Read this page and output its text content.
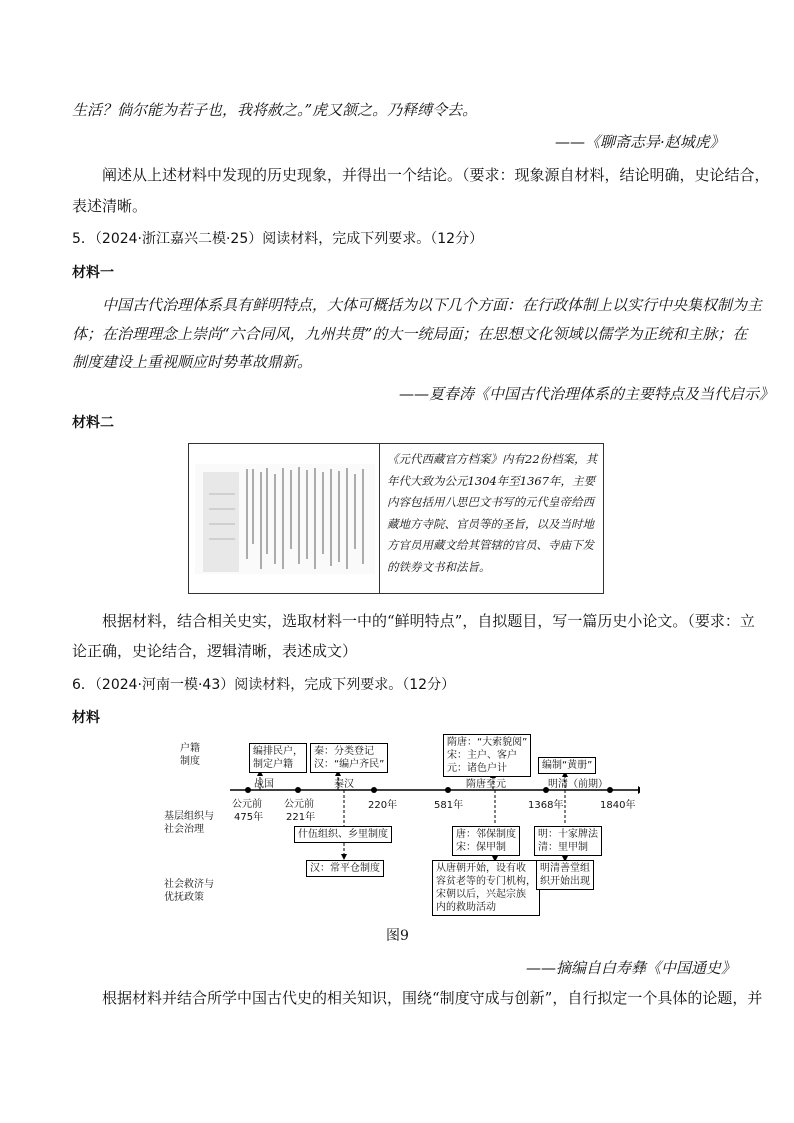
生活？倘尔能为若子也，我将赦之。”虎又颔之。乃释缚令去。
——《聊斋志异·赵城虎》
阐述从上述材料中发现的历史现象，并得出一个结论。（要求：现象源自材料，结论明确，史论结合，
表述清晰。
5．（2024·浙江嘉兴二模·25）阅读材料，完成下列要求。（12分）
材料一
中国古代治理体系具有鲜明特点，大体可概括为以下几个方面：在行政体制上以实行中央集权制为主
体；在治理理念上崇尚“六合同风，九州共贯”的大一统局面；在思想文化领域以儒学为正统和主脉；在
制度建设上重视顺应时势革故鼎新。
——夏春涛《中国古代治理体系的主要特点及当代启示》
材料二
《元代西藏官方档案》内有22份档案，其年代大致为公元1304年至1367年，主要内容包括用八思巴文书写的元代皇帝给西藏地方寺院、官员等的圣旨，以及当时地方官员用藏文给其管辖的官员、寺庙下发的铁券文书和法旨。
根据材料，结合相关史实，选取材料一中的“鲜明特点”，自拟题目，写一篇历史小论文。（要求：立
论正确，史论结合，逻辑清晰，表述成文）
6．（2024·河南一模·43）阅读材料，完成下列要求。（12分）
材料
户籍
制度
基层组织与
社会治理
社会救济与
优抚政策
编排民户，
制定户籍
秦：分类登记
汉：“编户齐民”
隋唐：“大索貌阅”
宋：主户、客户
元：诸色户计	编制“黄册”
战国	秦汉	隋唐至元	明清（前期）
公元前
475年
公元前
221年
220年	581年	1368年	1840年
什伍组织、乡里制度
汉：常平仓制度
唐：邻保制度
宋：保甲制
明：十家牌法
清：里甲制
从唐朝开始，设有收
容贫老等的专门机构，
宋朝以后，兴起宗族
内的救助活动
明清善堂组
织开始出现
图9
——摘编自白寿彝《中国通史》
根据材料并结合所学中国古代史的相关知识，围绕“制度守成与创新”，自行拟定一个具体的论题，并
